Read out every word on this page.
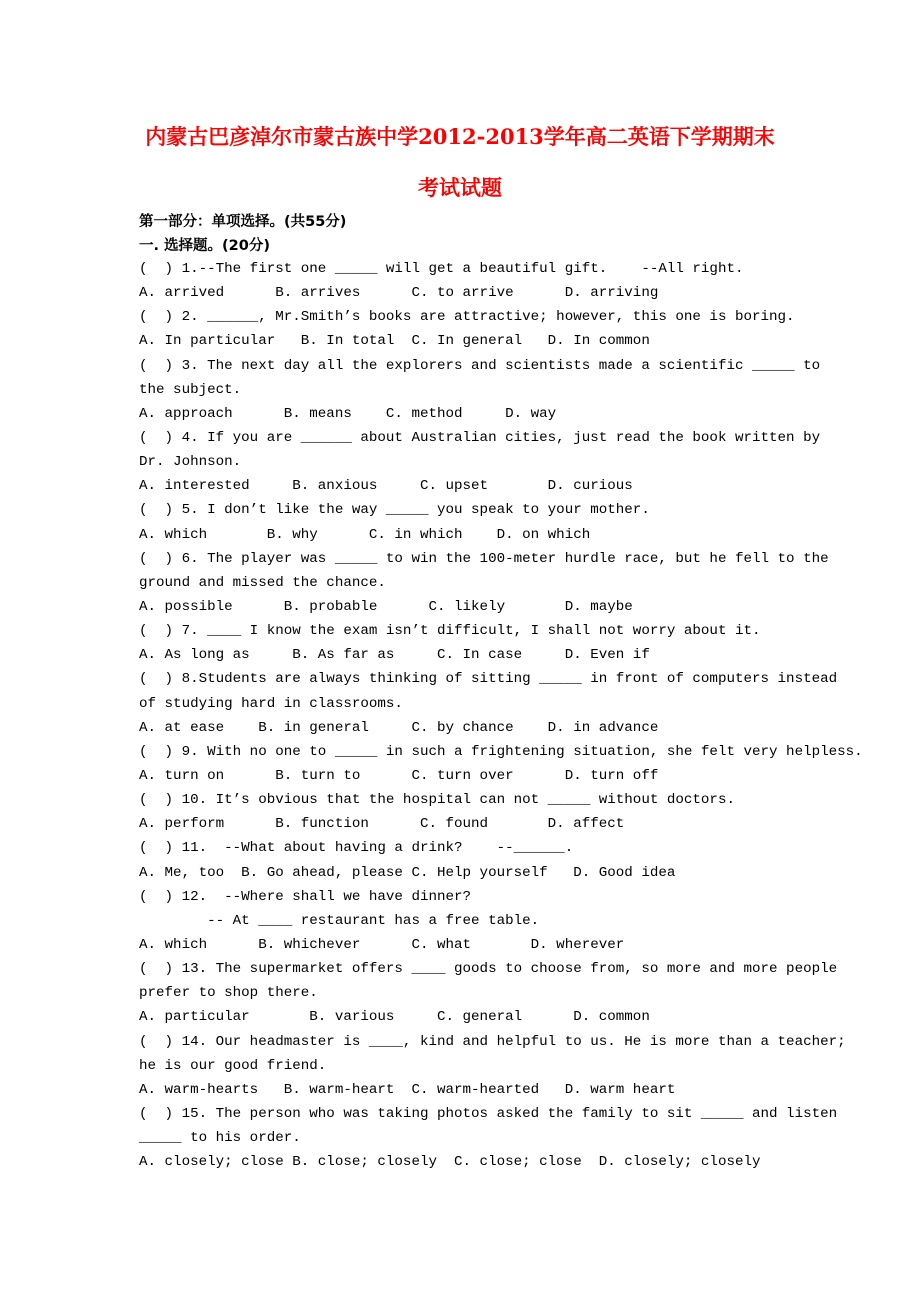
内蒙古巴彦淖尔市蒙古族中学2012-2013学年高二英语下学期期末
考试试题
第一部分：单项选择。(共55分)
一. 选择题。(20分)
(  ) 1.--The first one _____ will get a beautiful gift.    --All right.
A. arrived      B. arrives      C. to arrive      D. arriving
(  ) 2. ______, Mr.Smith’s books are attractive; however, this one is boring.
A. In particular   B. In total  C. In general   D. In common
(  ) 3. The next day all the explorers and scientists made a scientific _____ to
the subject.
A. approach      B. means    C. method     D. way
(  ) 4. If you are ______ about Australian cities, just read the book written by
Dr. Johnson.
A. interested     B. anxious     C. upset       D. curious
(  ) 5. I don’t like the way _____ you speak to your mother.
A. which       B. why      C. in which    D. on which
(  ) 6. The player was _____ to win the 100-meter hurdle race, but he fell to the
ground and missed the chance.
A. possible      B. probable      C. likely       D. maybe
(  ) 7. ____ I know the exam isn’t difficult, I shall not worry about it.
A. As long as     B. As far as     C. In case     D. Even if
(  ) 8.Students are always thinking of sitting _____ in front of computers instead
of studying hard in classrooms.
A. at ease    B. in general     C. by chance    D. in advance
(  ) 9. With no one to _____ in such a frightening situation, she felt very helpless.
A. turn on      B. turn to      C. turn over      D. turn off
(  ) 10. It’s obvious that the hospital can not _____ without doctors.
A. perform      B. function      C. found       D. affect
(  ) 11.  --What about having a drink?    --______.
A. Me, too  B. Go ahead, please C. Help yourself   D. Good idea
(  ) 12.  --Where shall we have dinner?
-- At ____ restaurant has a free table.
A. which      B. whichever      C. what       D. wherever
(  ) 13. The supermarket offers ____ goods to choose from, so more and more people
prefer to shop there.
A. particular       B. various     C. general      D. common
(  ) 14. Our headmaster is ____, kind and helpful to us. He is more than a teacher;
he is our good friend.
A. warm-hearts   B. warm-heart  C. warm-hearted   D. warm heart
(  ) 15. The person who was taking photos asked the family to sit _____ and listen
_____ to his order.
A. closely; close B. close; closely  C. close; close  D. closely; closely
